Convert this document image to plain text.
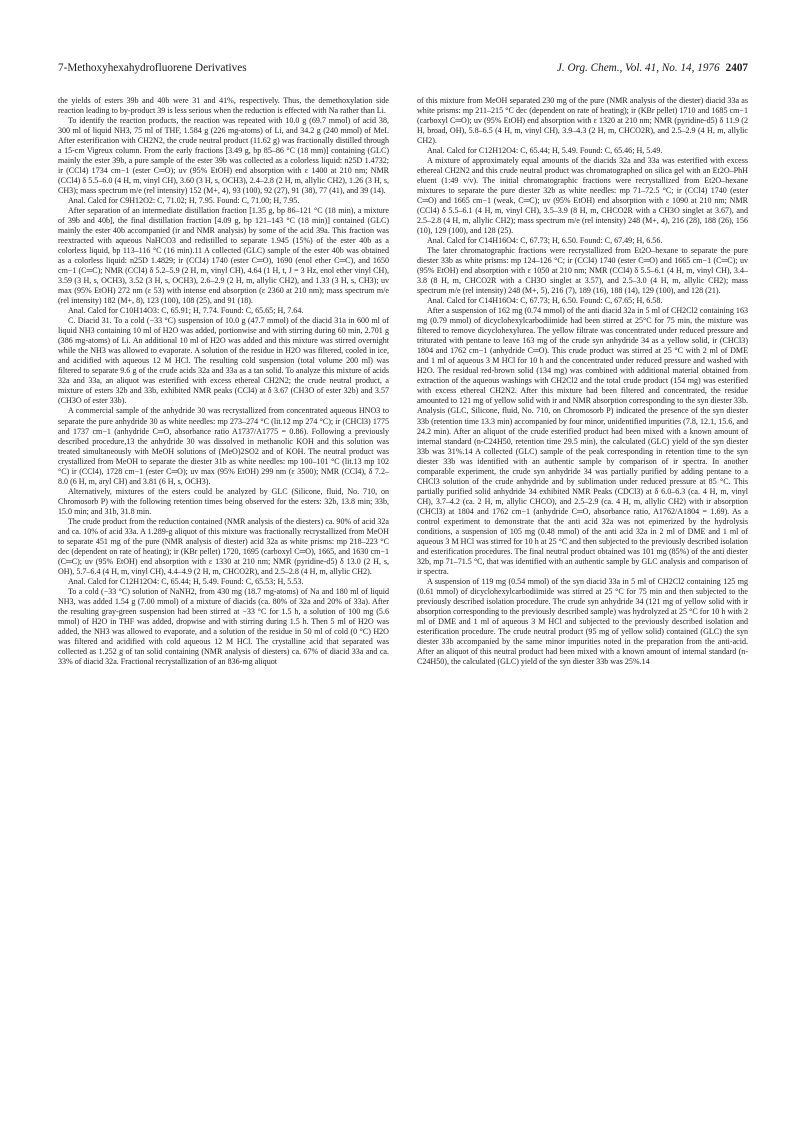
7-Methoxyhexahydrofluorene Derivatives	J. Org. Chem., Vol. 41, No. 14, 1976 2407

the yields of esters 39b and 40b were 31 and 41%, respectively. Thus, the demethoxylation side reaction leading to by-product 39 is less serious when the reduction is effected with Na rather than Li.

To identify the reaction products, the reaction was repeated with 10.0 g (69.7 mmol) of acid 38, 300 ml of liquid NH3, 75 ml of THF, 1.584 g (226 mg-atoms) of Li, and 34.2 g (240 mmol) of MeI. After esterification with CH2N2, the crude neutral product (11.62 g) was fractionally distilled through a 15-cm Vigreux column. From the early fractions [3.49 g, bp 85–86 °C (18 mm)] containing (GLC) mainly the ester 39b, a pure sample of the ester 39b was collected as a colorless liquid: n25D 1.4732; ir (CCl4) 1734 cm−1 (ester C═O); uv (95% EtOH) end absorption with ε 1400 at 210 nm; NMR (CCl4) δ 5.5–6.0 (4 H, m, vinyl CH), 3.60 (3 H, s, OCH3), 2.4–2.8 (2 H, m, allylic CH2), 1.26 (3 H, s, CH3); mass spectrum m/e (rel intensity) 152 (M+, 4), 93 (100), 92 (27), 91 (38), 77 (41), and 39 (14).

Anal. Calcd for C9H12O2: C, 71.02; H, 7.95. Found: C, 71.00; H, 7.95.

After separation of an intermediate distillation fraction [1.35 g, bp 86–121 °C (18 min), a mixture of 39b and 40b], the final distillation fraction [4.09 g, bp 121–143 °C (18 min)] contained (GLC) mainly the ester 40b accompanied (ir and NMR analysis) by some of the acid 39a. This fraction was reextracted with aqueous NaHCO3 and redistilled to separate 1.945 (15%) of the ester 40b as a colorless liquid, bp 113–116 °C (16 min).11 A collected (GLC) sample of the ester 40b was obtained as a colorless liquid: n25D 1.4829; ir (CCl4) 1740 (ester C═O), 1690 (enol ether C═C), and 1650 cm−1 (C═C); NMR (CCl4) δ 5.2–5.9 (2 H, m, vinyl CH), 4.64 (1 H, t, J = 3 Hz, enol ether vinyl CH), 3.59 (3 H, s, OCH3), 3.52 (3 H, s, OCH3), 2.6–2.9 (2 H, m, allylic CH2), and 1.33 (3 H, s, CH3); uv max (95% EtOH) 272 nm (ε 53) with intense end absorption (ε 2360 at 210 nm); mass spectrum m/e (rel intensity) 182 (M+, 8), 123 (100), 108 (25), and 91 (18).

Anal. Calcd for C10H14O3: C, 65.91; H, 7.74. Found: C, 65.65; H, 7.64.

C. Diacid 31. To a cold (−33 °C) suspension of 10.0 g (47.7 mmol) of the diacid 31a in 600 ml of liquid NH3 containing 10 ml of H2O was added, portionwise and with stirring during 60 min, 2.701 g (386 mg-atoms) of Li. An additional 10 ml of H2O was added and this mixture was stirred overnight while the NH3 was allowed to evaporate. A solution of the residue in H2O was filtered, cooled in ice, and acidified with aqueous 12 M HCl. The resulting cold suspension (total volume 200 ml) was filtered to separate 9.6 g of the crude acids 32a and 33a as a tan solid. To analyze this mixture of acids 32a and 33a, an aliquot was esterified with excess ethereal CH2N2; the crude neutral product, a mixture of esters 32b and 33b, exhibited NMR peaks (CCl4) at δ 3.67 (CH3O of ester 32b) and 3.57 (CH3O of ester 33b).

A commercial sample of the anhydride 30 was recrystallized from concentrated aqueous HNO3 to separate the pure anhydride 30 as white needles: mp 273–274 °C (lit.12 mp 274 °C); ir (CHCl3) 1775 and 1737 cm−1 (anhydride C═O, absorbance ratio A1737/A1775 = 0.86). Following a previously described procedure,13 the anhydride 30 was dissolved in methanolic KOH and this solution was treated simultaneously with MeOH solutions of (MeO)2SO2 and of KOH. The neutral product was crystallized from MeOH to separate the diester 31b as white needles: mp 100–101 °C (lit.13 mp 102 °C) ir (CCl4), 1728 cm−1 (ester C═O); uv max (95% EtOH) 299 nm (ε 3500); NMR (CCl4), δ 7.2–8.0 (6 H, m, aryl CH) and 3.81 (6 H, s, OCH3).

Alternatively, mixtures of the esters could be analyzed by GLC (Silicone, fluid, No. 710, on Chromosorb P) with the following retention times being observed for the esters: 32b, 13.8 min; 33b, 15.0 min; and 31b, 31.8 min.

The crude product from the reduction contained (NMR analysis of the diesters) ca. 90% of acid 32a and ca. 10% of acid 33a. A 1.289-g aliquot of this mixture was fractionally recrystallized from MeOH to separate 451 mg of the pure (NMR analysis of diester) acid 32a as white prisms: mp 218–223 °C dec (dependent on rate of heating); ir (KBr pellet) 1720, 1695 (carboxyl C═O), 1665, and 1630 cm−1 (C═C); uv (95% EtOH) end absorption with ε 1330 at 210 nm; NMR (pyridine-d5) δ 13.0 (2 H, s, OH), 5.7–6.4 (4 H, m, vinyl CH), 4.4–4.9 (2 H, m, CHCO2R), and 2.5–2.8 (4 H, m, allylic CH2).

Anal. Calcd for C12H12O4: C, 65.44; H, 5.49. Found: C, 65.53; H, 5.53.

To a cold (−33 °C) solution of NaNH2, from 430 mg (18.7 mg-atoms) of Na and 180 ml of liquid NH3, was added 1.54 g (7.00 mmol) of a mixture of diacids (ca. 80% of 32a and 20% of 33a). After the resulting gray-green suspension had been stirred at −33 °C for 1.5 h, a solution of 100 mg (5.6 mmol) of H2O in THF was added, dropwise and with stirring during 1.5 h. Then 5 ml of H2O was added, the NH3 was allowed to evaporate, and a solution of the residue in 50 ml of cold (0 °C) H2O was filtered and acidified with cold aqueous 12 M HCl. The crystalline acid that separated was collected as 1.252 g of tan solid containing (NMR analysis of diesters) ca. 67% of diacid 33a and ca. 33% of diacid 32a. Fractional recrystallization of an 836-mg aliquot

of this mixture from MeOH separated 230 mg of the pure (NMR analysis of the diester) diacid 33a as white prisms: mp 211–215 °C dec (dependent on rate of heating); ir (KBr pellet) 1710 and 1685 cm−1 (carboxyl C═O); uv (95% EtOH) end absorption with ε 1320 at 210 nm; NMR (pyridine-d5) δ 11.9 (2 H, broad, OH), 5.8–6.5 (4 H, m, vinyl CH), 3.9–4.3 (2 H, m, CHCO2R), and 2.5–2.9 (4 H, m, allylic CH2).

Anal. Calcd for C12H12O4: C, 65.44; H, 5.49. Found: C, 65.46; H, 5.49.

A mixture of approximately equal amounts of the diacids 32a and 33a was esterified with excess ethereal CH2N2 and this crude neutral product was chromatographed on silica gel with an Et2O–PhH eluent (1:49 v/v). The initial chromatographic fractions were recrystallized from Et2O–hexane mixtures to separate the pure diester 32b as white needles: mp 71–72.5 °C; ir (CCl4) 1740 (ester C═O) and 1665 cm−1 (weak, C═C); uv (95% EtOH) end absorption with ε 1090 at 210 nm; NMR (CCl4) δ 5.5–6.1 (4 H, m, vinyl CH), 3.5–3.9 (8 H, m, CHCO2R with a CH3O singlet at 3.67), and 2.5–2.8 (4 H, m, allylic CH2); mass spectrum m/e (rel intensity) 248 (M+, 4), 216 (28), 188 (26), 156 (10), 129 (100), and 128 (25).

Anal. Calcd for C14H16O4: C, 67.73; H, 6.50. Found: C, 67.49; H, 6.56.

The later chromatographic fractions were recrystallized from Et2O–hexane to separate the pure diester 33b as white prisms: mp 124–126 °C; ir (CCl4) 1740 (ester C═O) and 1665 cm−1 (C═C); uv (95% EtOH) end absorption with ε 1050 at 210 nm; NMR (CCl4) δ 5.5–6.1 (4 H, m, vinyl CH), 3.4–3.8 (8 H, m, CHCO2R with a CH3O singlet at 3.57), and 2.5–3.0 (4 H, m, allylic CH2); mass spectrum m/e (rel intensity) 248 (M+, 5), 216 (7), 189 (16), 188 (14), 129 (100), and 128 (21).

Anal. Calcd for C14H16O4: C, 67.73; H, 6.50. Found: C, 67.65; H, 6.58.

After a suspension of 162 mg (0.74 mmol) of the anti diacid 32a in 5 ml of CH2Cl2 containing 163 mg (0.79 mmol) of dicyclohexylcarbodiimide had been stirred at 25°C for 75 min, the mixture was filtered to remove dicyclohexylurea. The yellow filtrate was concentrated under reduced pressure and triturated with pentane to leave 163 mg of the crude syn anhydride 34 as a yellow solid, ir (CHCl3) 1804 and 1762 cm−1 (anhydride C═O). This crude product was stirred at 25 °C with 2 ml of DME and 1 ml of aqueous 3 M HCl for 10 h and the concentrated under reduced pressure and washed with H2O. The residual red-brown solid (134 mg) was combined with additional material obtained from extraction of the aqueous washings with CH2Cl2 and the total crude product (154 mg) was esterified with excess ethereal CH2N2. After this mixture had been filtered and concentrated, the residue amounted to 121 mg of yellow solid with ir and NMR absorption corresponding to the syn diester 33b. Analysis (GLC, Silicone, fluid, No. 710, on Chromosorb P) indicated the presence of the syn diester 33b (retention time 13.3 min) accompanied by four minor, unidentified impurities (7.8, 12.1, 15.6, and 24.2 min). After an aliquot of the crude esterified product had been mixed with a known amount of internal standard (n-C24H50, retention time 29.5 min), the calculated (GLC) yield of the syn diester 33b was 31%.14 A collected (GLC) sample of the peak corresponding in retention time to the syn diester 33b was identified with an authentic sample by comparison of ir spectra. In another comparable experiment, the crude syn anhydride 34 was partially purified by adding pentane to a CHCl3 solution of the crude anhydride and by sublimation under reduced pressure at 85 °C. This partially purified solid anhydride 34 exhibited NMR Peaks (CDCl3) at δ 6.0–6.3 (ca. 4 H, m, vinyl CH), 3.7–4.2 (ca. 2 H, m, allylic CHCO), and 2.5–2.9 (ca. 4 H, m, allylic CH2) with ir absorption (CHCl3) at 1804 and 1762 cm−1 (anhydride C═O, absorbance ratio, A1762/A1804 = 1.69). As a control experiment to demonstrate that the anti acid 32a was not epimerized by the hydrolysis conditions, a suspension of 105 mg (0.48 mmol) of the anti acid 32a in 2 ml of DME and 1 ml of aqueous 3 M HCl was stirred for 10 h at 25 °C and then subjected to the previously described isolation and esterification procedures. The final neutral product obtained was 101 mg (85%) of the anti diester 32b, mp 71–71.5 °C, that was identified with an authentic sample by GLC analysis and comparison of ir spectra.

A suspension of 119 mg (0.54 mmol) of the syn diacid 33a in 5 ml of CH2Cl2 containing 125 mg (0.61 mmol) of dicyclohexylcarbodiimide was stirred at 25 °C for 75 min and then subjected to the previously described isolation procedure. The crude syn anhydride 34 (121 mg of yellow solid with ir absorption corresponding to the previously described sample) was hydrolyzed at 25 °C for 10 h with 2 ml of DME and 1 ml of aqueous 3 M HCl and subjected to the previously described isolation and esterification procedure. The crude neutral product (95 mg of yellow solid) contained (GLC) the syn diester 33b accompanied by the same minor impurities noted in the preparation from the anti-acid. After an aliquot of this neutral product had been mixed with a known amount of internal standard (n-C24H50), the calculated (GLC) yield of the syn diester 33b was 25%.14
